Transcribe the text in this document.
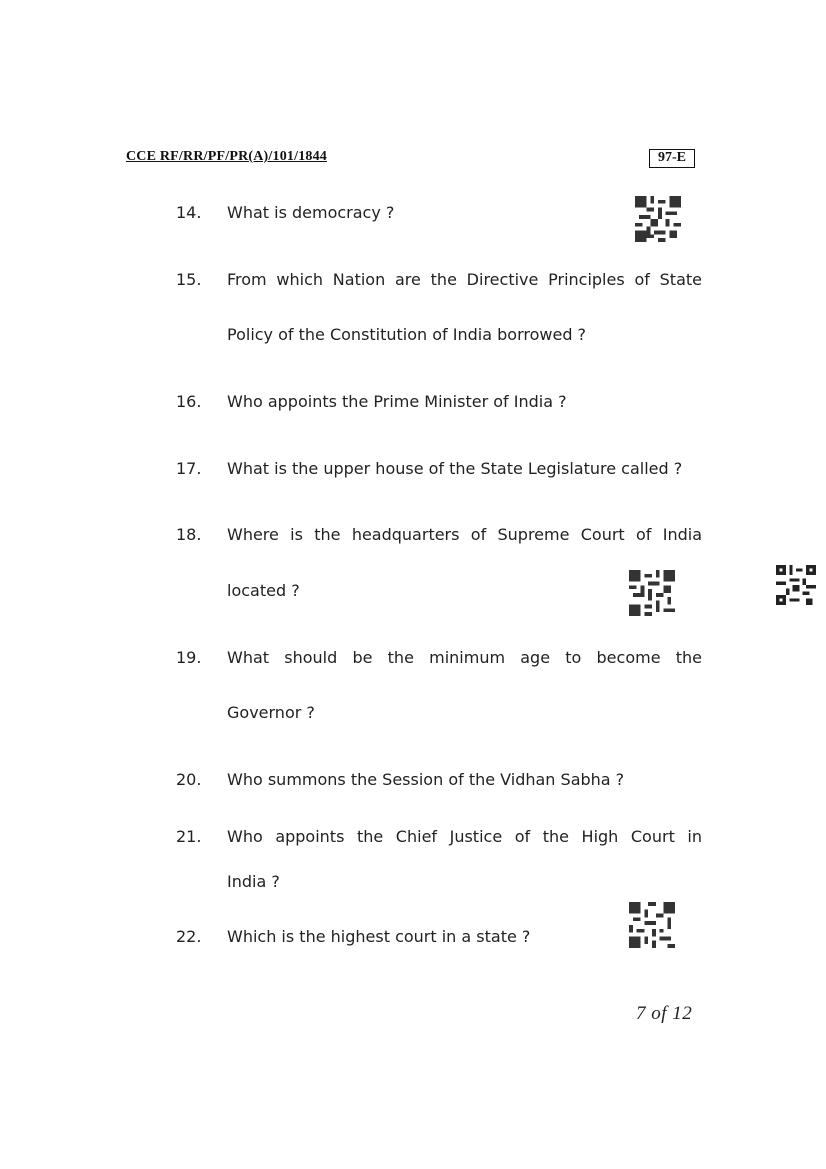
CCE RF/RR/PF/PR(A)/101/1844	97-E
14. What is democracy ?
15. From which Nation are the Directive Principles of State
Policy of the Constitution of India borrowed ?
16. Who appoints the Prime Minister of India ?
17. What is the upper house of the State Legislature called ?
18. Where is the headquarters of Supreme Court of India
located ?
19. What should be the minimum age to become the
Governor ?
20. Who summons the Session of the Vidhan Sabha ?
21. Who appoints the Chief Justice of the High Court in
India ?
22. Which is the highest court in a state ?
7 of 12
